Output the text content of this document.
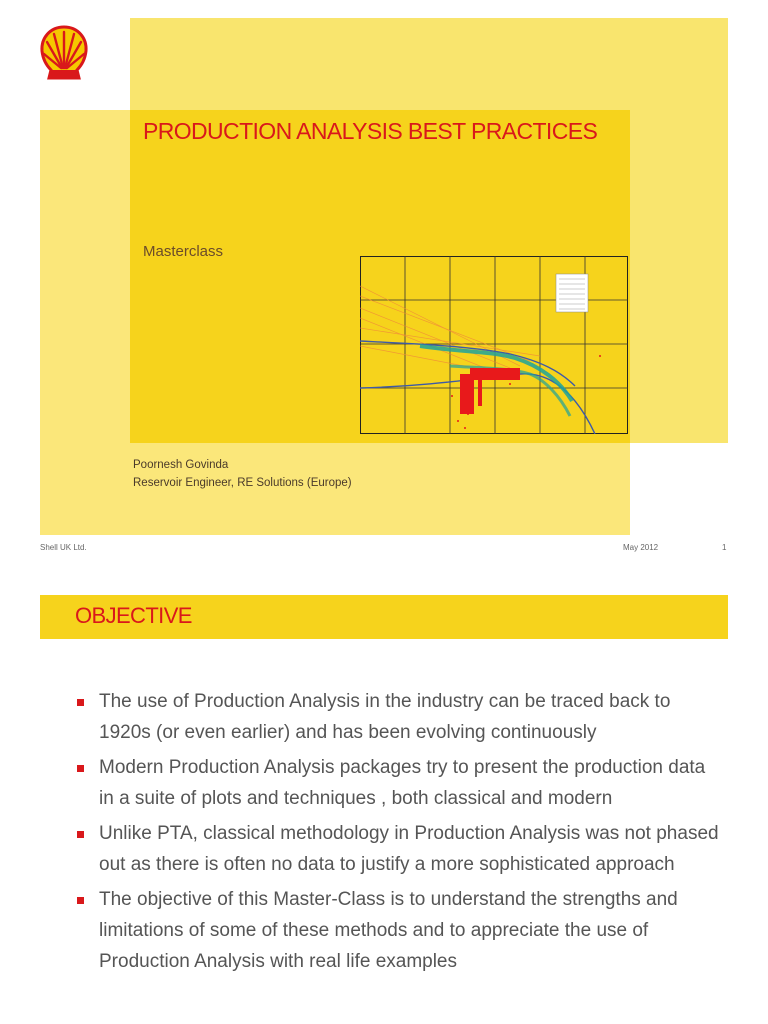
PRODUCTION ANALYSIS BEST PRACTICES
Masterclass
Poornesh Govinda
Reservoir Engineer, RE Solutions (Europe)
Shell UK Ltd.	May 2012	1
OBJECTIVE
The use of Production Analysis in the industry can be traced back to 1920s (or even earlier) and has been evolving continuously
Modern Production Analysis packages try to present the production data in a suite of plots and techniques , both classical and modern
Unlike PTA, classical methodology in Production Analysis was not phased out as there is often no data to justify a more sophisticated approach
The objective of this Master-Class is to understand the strengths and limitations of some of these methods and to appreciate the use of Production Analysis with real life examples
